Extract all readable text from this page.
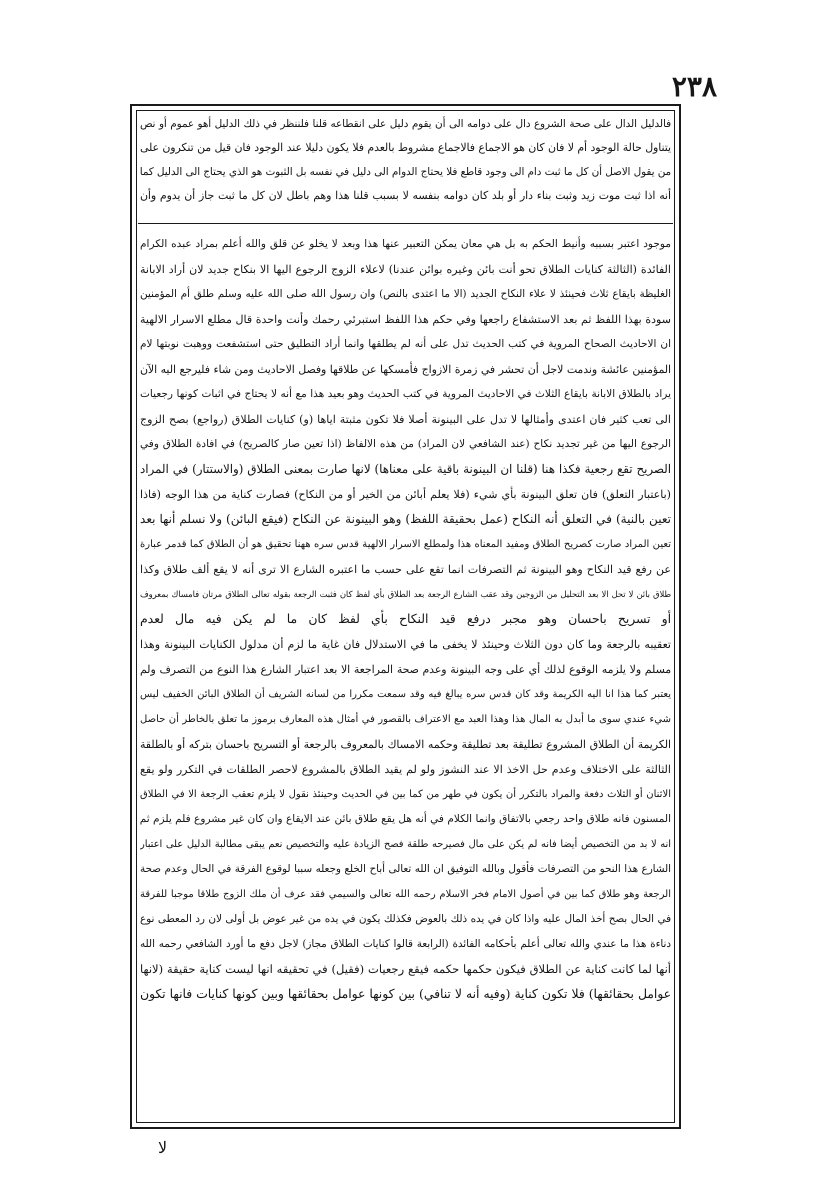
٢٣٨
فالدليل الدال على صحة الشروع دال على دوامه الى أن يقوم دليل على انقطاعه قلنا فلننظر في ذلك الدليل أهو عموم أو نص
يتناول حالة الوجود أم لا فان كان هو الاجماع فالاجماع مشروط بالعدم فلا يكون دليلا عند الوجود فان قيل من تنكرون على
من يقول الاصل أن كل ما ثبت دام الى وجود قاطع فلا يحتاج الدوام الى دليل في نفسه بل الثبوت هو الذي يحتاج الى الدليل كما
أنه اذا ثبت موت زيد وثبت بناء دار أو بلد كان دوامه بنفسه لا بسبب قلنا هذا وهم باطل لان كل ما ثبت جاز أن يدوم وأن
موجود اعتبر بسببه وأنيط الحكم به بل هي معان يمكن التعبير عنها هذا وبعد لا يخلو عن قلق والله أعلم بمراد عبده الكرام
الفائدة (الثالثة كنايات الطلاق تحو أنت بائن وغيره بوائن عندنا) لاعلاء الزوج الرجوع اليها الا بنكاح جديد لان أراد الابانة
الغليظة بايقاع ثلاث فحينئذ لا علاء النكاح الجديد (الا ما اعتدى بالنص) وان رسول الله صلى الله عليه وسلم طلق أم المؤمنين
سودة بهذا اللفظ ثم بعد الاستشفاع راجعها وفي حكم هذا اللفظ استبرئي رحمك وأنت واحدة قال مطلع الاسرار الالهية
ان الاحاديث الصحاح المروية في كتب الحديث تدل على أنه لم يطلقها وانما أراد التطليق حتى استشفعت ووهبت نوبتها لام
المؤمنين عائشة وندمت لاجل أن تحشر في زمرة الازواج فأمسكها عن طلاقها وفصل الاحاديث ومن شاء فليرجع اليه الآن
يراد بالطلاق الابانة بايقاع الثلاث في الاحاديث المروية في كتب الحديث وهو بعيد هذا مع أنه لا يحتاج في اثبات كونها رجعيات
الى تعب كثير فان اعتدى وأمثالها لا تدل على البينونة أصلا فلا تكون مثبتة اياها (و) كنايات الطلاق (رواجع) بصح الزوج
الرجوع اليها من غير تجديد نكاح (عند الشافعي لان المراد) من هذه الالفاظ (اذا تعين صار كالصريح) في افادة الطلاق وفي
الصريح تقع رجعية فكذا هنا (قلنا ان البينونة باقية على معناها) لانها صارت بمعنى الطلاق (والاستتار) في المراد
(باعتبار التعلق) فان تعلق البينونة بأي شيء (فلا يعلم أبائن من الخير أو من النكاح) فصارت كناية من هذا الوجه (فاذا
تعين بالنية) في التعلق أنه النكاح (عمل بحقيقة اللفظ) وهو البينونة عن النكاح (فيقع البائن) ولا نسلم أنها بعد
تعين المراد صارت كصريح الطلاق ومفيد المعناه هذا ولمطلع الاسرار الالهية قدس سره ههنا تحقيق هو أن الطلاق كما قدمر عبارة
عن رفع قيد النكاح وهو البينونة ثم التصرفات انما تقع على حسب ما اعتبره الشارع الا ترى أنه لا يقع ألف طلاق وكذا
طلاق بائن لا تحل الا بعد التحليل من الزوجين وقد عقب الشارع الرجعة بعد الطلاق بأي لفظ كان فثبت الرجعة بقوله تعالى الطلاق مرتان فامساك بمعروف
أو تسريح باحسان وهو مجبر درفع قيد النكاح بأي لفظ كان ما لم يكن فيه مال لعدم
تعقيبه بالرجعة وما كان دون الثلاث وحينئذ لا يخفى ما في الاستدلال فان غاية ما لزم أن مدلول الكنايات البينونة وهذا
مسلم ولا يلزمه الوقوع لذلك أي على وجه البينونة وعدم صحة المراجعة الا بعد اعتبار الشارع هذا النوع من التصرف ولم
يعتبر كما هذا انا اليه الكريمة وقد كان قدس سره يبالغ فيه وقد سمعت مكررا من لسانه الشريف أن الطلاق البائن الخفيف ليس
شيء عندي سوى ما أبدل به المال هذا وهذا العبد مع الاعتراف بالقصور في أمثال هذه المعارف برموز ما تعلق بالخاطر أن حاصل
الكريمة أن الطلاق المشروع تطليقة بعد تطليقة وحكمه الامساك بالمعروف بالرجعة أو التسريح باحسان بتركه أو بالطلقة
الثالثة على الاختلاف وعدم حل الاخذ الا عند النشوز ولو لم يقيد الطلاق بالمشروع لاحصر الطلقات في التكرر ولو يقع
الاثنان أو الثلاث دفعة والمراد بالتكرر أن يكون في طهر من كما بين في الحديث وحينئذ نقول لا يلزم تعقب الرجعة الا في الطلاق
المسنون فانه طلاق واحد رجعي بالاتفاق وانما الكلام في أنه هل يقع طلاق بائن عند الايقاع وان كان غير مشروع فلم يلزم ثم
انه لا بد من التخصيص أيضا فانه لم يكن على مال فصيرحه طلقة فصح الزيادة عليه والتخصيص نعم يبقى مطالبة الدليل على اعتبار
الشارع هذا النحو من التصرفات فأقول وبالله التوفيق ان الله تعالى أباح الخلع وجعله سببا لوقوع الفرقة في الحال وعدم صحة
الرجعة وهو طلاق كما بين في أصول الامام فخر الاسلام رحمه الله تعالى والسيمي فقد عرف أن ملك الزوج طلاقا موجبا للفرقة
في الحال بصح أخذ المال عليه واذا كان في يده ذلك بالعوض فكذلك يكون في يده من غير عوض بل أولى لان رد المعطى نوع
دناءة هذا ما عندي والله تعالى أعلم بأحكامه الفائدة (الرابعة قالوا كنايات الطلاق مجاز) لاجل دفع ما أورد الشافعي رحمه الله
أنها لما كانت كناية عن الطلاق فيكون حكمها حكمه فيقع رجعيات (فقيل) في تحقيقه انها ليست كناية حقيقة (لانها
عوامل بحقائقها) فلا تكون كناية (وفيه أنه لا تنافي) بين كونها عوامل بحقائقها وبين كونها كنايات فانها تكون
لا
